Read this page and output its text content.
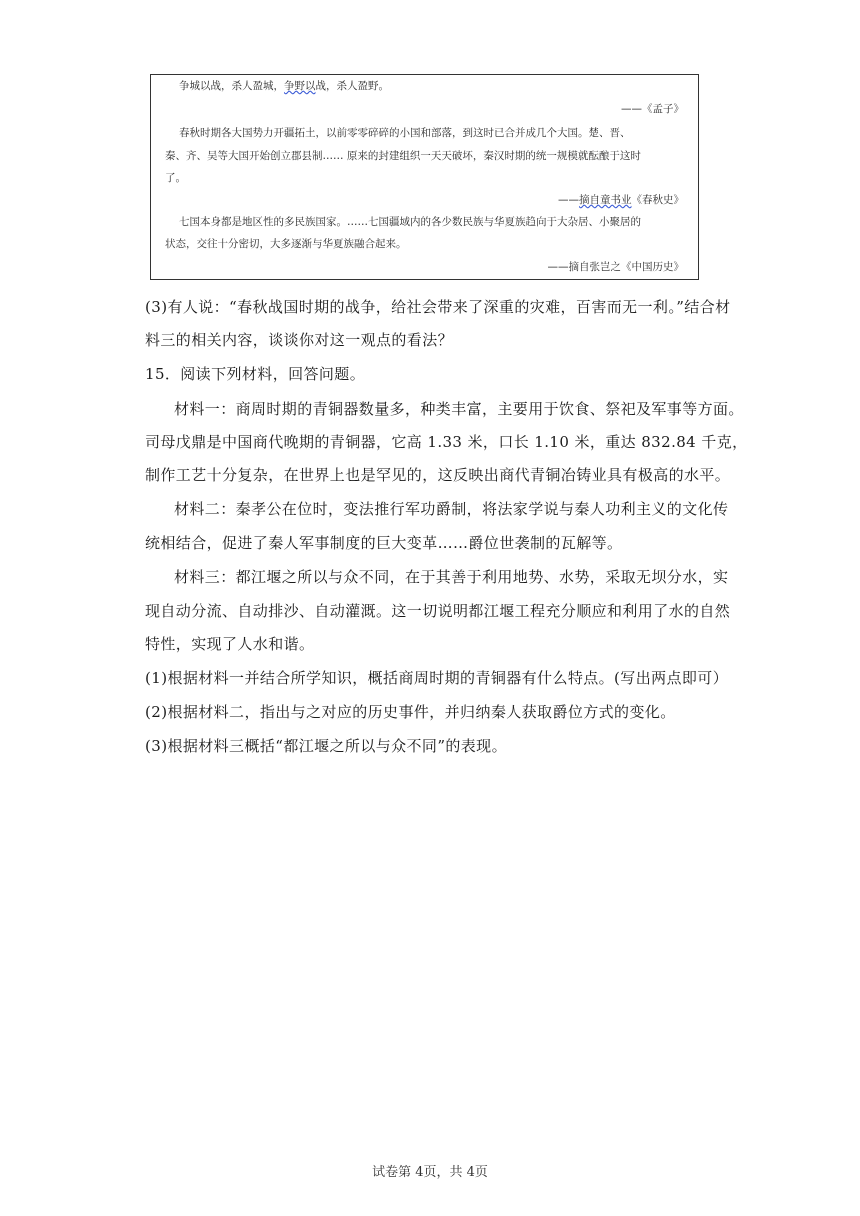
争城以战，杀人盈城，争野以战，杀人盈野。
——《孟子》
春秋时期各大国势力开疆拓土，以前零零碎碎的小国和部落，到这时已合并成几个大国。楚、晋、
秦、齐、吴等大国开始创立郡县制…… 原来的封建组织一天天破坏，秦汉时期的统一规模就酝酿于这时
了。
——摘自童书业《春秋史》
七国本身都是地区性的多民族国家。……七国疆域内的各少数民族与华夏族趋向于大杂居、小聚居的
状态，交往十分密切，大多逐渐与华夏族融合起来。
——摘自张岂之《中国历史》
(3)有人说：“春秋战国时期的战争，给社会带来了深重的灾难，百害而无一利。”结合材
料三的相关内容，谈谈你对这一观点的看法？
15．阅读下列材料，回答问题。
材料一：商周时期的青铜器数量多，种类丰富，主要用于饮食、祭祀及军事等方面。
司母戊鼎是中国商代晚期的青铜器，它高 1.33 米，口长 1.10 米，重达 832.84 千克，
制作工艺十分复杂，在世界上也是罕见的，这反映出商代青铜冶铸业具有极高的水平。
材料二：秦孝公在位时，变法推行军功爵制，将法家学说与秦人功利主义的文化传
统相结合，促进了秦人军事制度的巨大变革……爵位世袭制的瓦解等。
材料三：都江堰之所以与众不同，在于其善于利用地势、水势，采取无坝分水，实
现自动分流、自动排沙、自动灌溉。这一切说明都江堰工程充分顺应和利用了水的自然
特性，实现了人水和谐。
(1)根据材料一并结合所学知识，概括商周时期的青铜器有什么特点。(写出两点即可）
(2)根据材料二，指出与之对应的历史事件，并归纳秦人获取爵位方式的变化。
(3)根据材料三概括“都江堰之所以与众不同”的表现。
试卷第 4页，共 4页
